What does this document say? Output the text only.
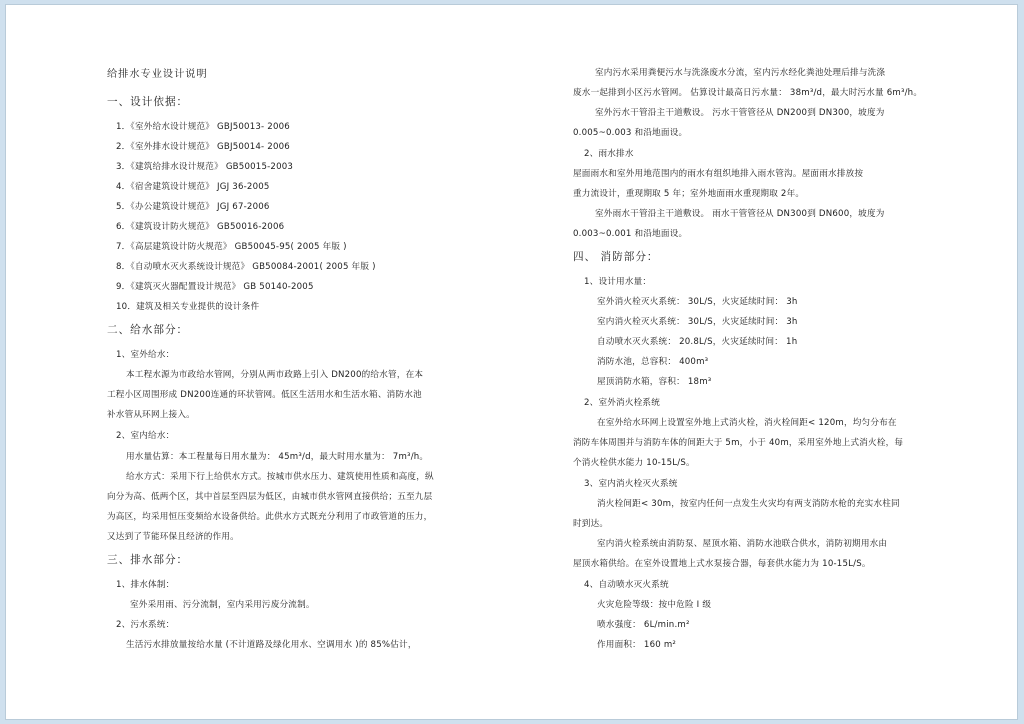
给排水专业设计说明
一、设计依据：
1．《室外给水设计规范》 GBJ50013- 2006
2．《室外排水设计规范》 GBJ50014- 2006
3．《建筑给排水设计规范》 GB50015-2003
4．《宿舍建筑设计规范》 JGJ 36-2005
5．《办公建筑设计规范》 JGJ 67-2006
6．《建筑设计防火规范》 GB50016-2006
7．《高层建筑设计防火规范》 GB50045-95( 2005 年版 )
8．《自动喷水灭火系统设计规范》 GB50084-2001( 2005 年版 )
9．《建筑灭火器配置设计规范》 GB 50140-2005
10．建筑及相关专业提供的设计条件
二、给水部分：
1、室外给水：
本工程水源为市政给水管网，分别从两市政路上引入 DN200的给水管，在本
工程小区周围形成 DN200连通的环状管网。低区生活用水和生活水箱、消防水池
补水管从环网上接入。
2、室内给水：
用水量估算：本工程量每日用水量为： 45m³/d，最大时用水量为： 7m³/h。
给水方式：采用下行上给供水方式。按城市供水压力、建筑使用性质和高度，纵
向分为高、低两个区，其中首层至四层为低区，由城市供水管网直接供给；五至九层
为高区，均采用恒压变频给水设备供给。此供水方式既充分利用了市政管道的压力，
又达到了节能环保且经济的作用。
三、排水部分：
1、排水体制：
室外采用雨、污分流制，室内采用污废分流制。
2、污水系统：
生活污水排放量按给水量 (不计道路及绿化用水、空调用水 )的 85%估计，
室内污水采用粪便污水与洗涤废水分流，室内污水经化粪池处理后排与洗涤
废水一起排到小区污水管网。 估算设计最高日污水量： 38m³/d，最大时污水量 6m³/h。
室外污水干管沿主干道敷设。 污水干管管径从 DN200到 DN300，坡度为
0.005~0.003 和沿地面设。
2、雨水排水
屋面雨水和室外用地范围内的雨水有组织地排入雨水管沟。屋面雨水排放按
重力流设计，重现期取 5 年；室外地面雨水重现期取 2年。
室外雨水干管沿主干道敷设。 雨水干管管径从 DN300到 DN600，坡度为
0.003~0.001 和沿地面设。
四、 消防部分：
1、设计用水量：
室外消火栓灭火系统： 30L/S，火灾延续时间： 3h
室内消火栓灭火系统： 30L/S，火灾延续时间： 3h
自动喷水灭火系统： 20.8L/S，火灾延续时间： 1h
消防水池，总容积： 400m³
屋顶消防水箱，容积： 18m³
2、室外消火栓系统
在室外给水环网上设置室外地上式消火栓，消火栓间距< 120m，均匀分布在
消防车体周围并与消防车体的间距大于 5m，小于 40m，采用室外地上式消火栓，每
个消火栓供水能力 10-15L/S。
3、室内消火栓灭火系统
消火栓间距< 30m，按室内任何一点发生火灾均有两支消防水枪的充实水柱同
时到达。
室内消火栓系统由消防泵、屋顶水箱、消防水池联合供水，消防初期用水由
屋顶水箱供给。在室外设置地上式水泵接合器，每套供水能力为 10-15L/S。
4、自动喷水灭火系统
火灾危险等级：按中危险 Ⅰ 级
喷水强度： 6L/min.m²
作用面积： 160 m²
